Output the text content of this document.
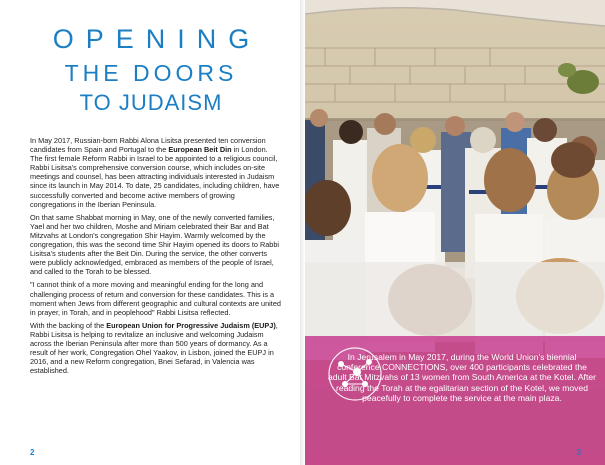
OPENING
THE DOORS
TO JUDAISM

In May 2017, Russian-born Rabbi Alona Lisitsa presented ten conversion candidates from Spain and Portugal to the European Beit Din in London. The first female Reform Rabbi in Israel to be appointed to a religious council, Rabbi Lisitsa's comprehensive conversion course, which includes on-site meetings and counsel, has been attracting individuals interested in Judaism since its launch in May 2014. To date, 25 candidates, including children, have successfully converted and become active members of growing congregations in the Iberian Peninsula.

On that same Shabbat morning in May, one of the newly converted families, Yael and her two children, Moshe and Miriam celebrated their Bar and Bat Mitzvahs at London's congregation Shir Hayim. Warmly welcomed by the congregation, this was the second time Shir Hayim opened its doors to Rabbi Lisitsa's students after the Beit Din. During the service, the other converts were publicly acknowledged, embraced as members of the people of Israel, and called to the Torah to be blessed.

"I cannot think of a more moving and meaningful ending for the long and challenging process of return and conversion for these candidates. This is a moment when Jews from different geographic and cultural contexts are united in prayer, in Torah, and in peoplehood" Rabbi Lisitsa reflected.

With the backing of the European Union for Progressive Judaism (EUPJ), Rabbi Lisitsa is helping to revitalize an inclusive and welcoming Judaism across the Iberian Peninsula after more than 500 years of dormancy. As a result of her work, Congregation Ohel Yaakov, in Lisbon, joined the EUPJ in 2016, and a new Reform congregation, Bnei Sefarad, in Valencia was established.

2
In Jerusalem in May 2017, during the World Union's biennial conference CONNECTIONS, over 400 participants celebrated the adult Bat Mitzvahs of 13 women from South America at the Kotel. After reading the Torah at the egalitarian section of the Kotel, we moved peacefully to complete the service at the main plaza.
3
